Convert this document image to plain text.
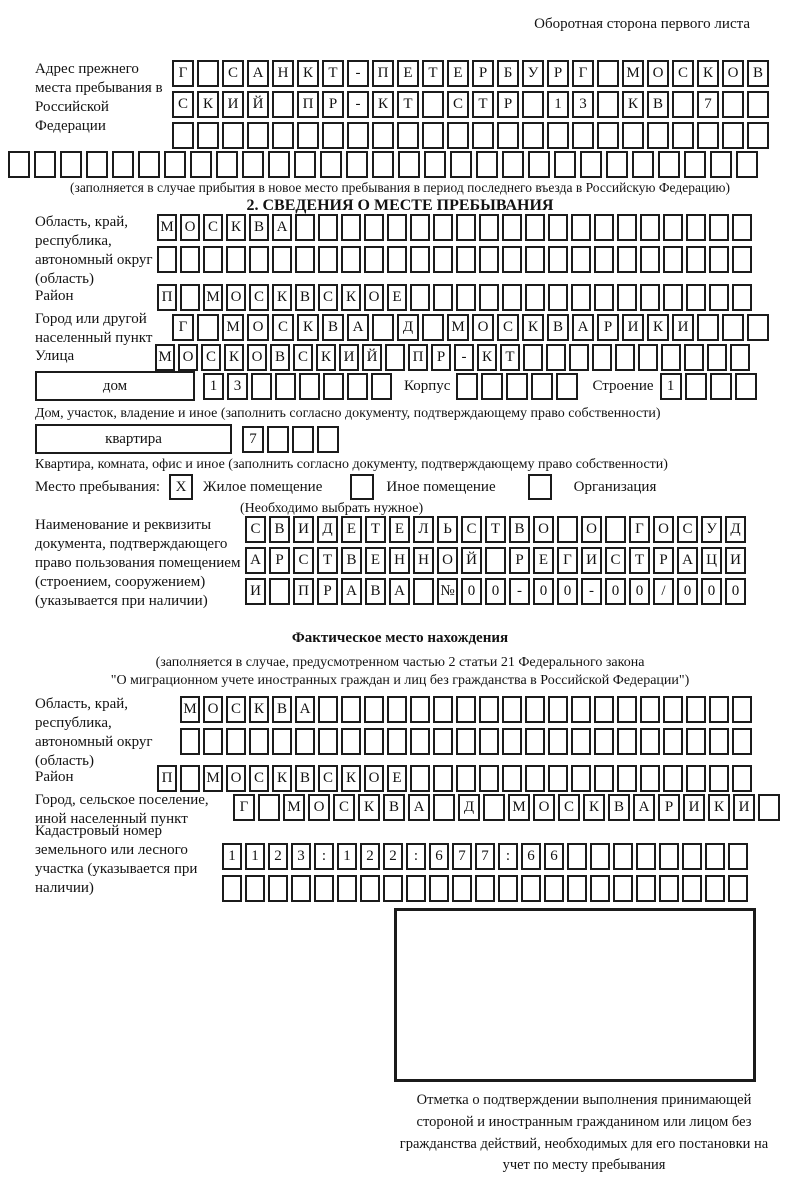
Оборотная сторона первого листа
Адрес прежнего места пребывания в Российской Федерации
Г	С А Н К	Т	-	П Е	Т	Е	Р	Б	У	Р	Г	М О С К О В
С К И Й	П	Р	-	К	Т	С	Т	Р	1	3	К В	7
(заполняется в случае прибытия в новое место пребывания в период последнего въезда в Российскую Федерацию)
2. СВЕДЕНИЯ О МЕСТЕ ПРЕБЫВАНИЯ
Область, край, республика, автономный округ (область)
М О С К В А
Район	П	М О С К В С К О Е
Город или другой населенный пункт
Г	М О С К В А	Д	М О С К В А	Р	И К И
Улица	М О С К О В С К И Й	П Р	-	К Т
дом	1	3	Корпус	Строение 1
Дом, участок, владение и иное (заполнить согласно документу, подтверждающему право собственности)
квартира	7
Квартира, комната, офис и иное (заполнить согласно документу, подтверждающему право собственности)
Место пребывания:	X	Жилое помещение	Иное помещение	Организация
(Необходимо выбрать нужное)
Наименование и реквизиты документа, подтверждающего право пользования помещением (строением, сооружением) (указывается при наличии)
С В И Д Е Т Е Л Ь С Т В О	О	Г О С У Д
А Р С Т В Е Н Н О Й	Р	Е	Г И С Т	Р А Ц И
И	П Р А В А	№ 0	0	-	0	0	-	0	0	/	0	0	0
Фактическое место нахождения
(заполняется в случае, предусмотренном частью 2 статьи 21 Федерального закона
"О миграционном учете иностранных граждан и лиц без гражданства в Российской Федерации")
Область, край, республика, автономный округ (область)
М О С К В А
Район	П	М О С К В С К О Е
Город, сельское поселение, иной населенный пункт
Г	М О С К В А	Д	М О С К В А	Р	И К И
Кадастровый номер земельного или лесного участка (указывается при наличии)
1	1	2	3	:	1	2	2	:	6	7	7	:	6	6
Отметка о подтверждении выполнения принимающей стороной и иностранным гражданином или лицом без гражданства действий, необходимых для его постановки на учет по месту пребывания
